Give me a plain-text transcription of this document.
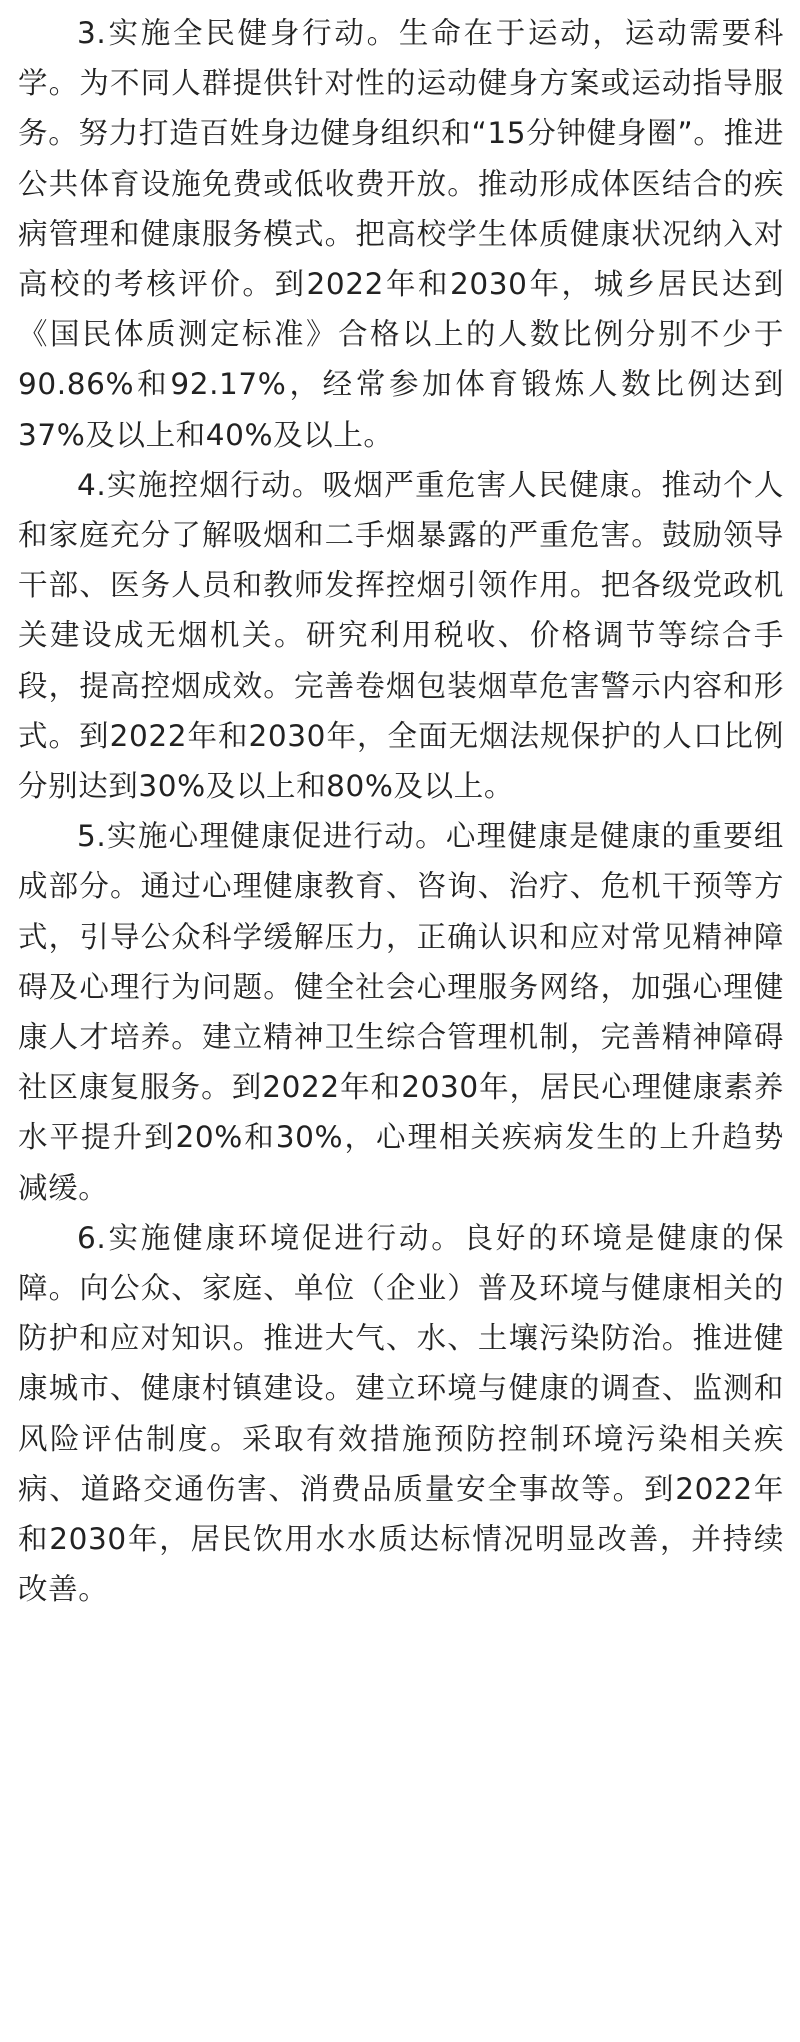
3.实施全民健身行动。生命在于运动，运动需要科学。为不同人群提供针对性的运动健身方案或运动指导服务。努力打造百姓身边健身组织和“15分钟健身圈”。推进公共体育设施免费或低收费开放。推动形成体医结合的疾病管理和健康服务模式。把高校学生体质健康状况纳入对高校的考核评价。到2022年和2030年，城乡居民达到《国民体质测定标准》合格以上的人数比例分别不少于90.86%和92.17%，经常参加体育锻炼人数比例达到37%及以上和40%及以上。

4.实施控烟行动。吸烟严重危害人民健康。推动个人和家庭充分了解吸烟和二手烟暴露的严重危害。鼓励领导干部、医务人员和教师发挥控烟引领作用。把各级党政机关建设成无烟机关。研究利用税收、价格调节等综合手段，提高控烟成效。完善卷烟包装烟草危害警示内容和形式。到2022年和2030年，全面无烟法规保护的人口比例分别达到30%及以上和80%及以上。

5.实施心理健康促进行动。心理健康是健康的重要组成部分。通过心理健康教育、咨询、治疗、危机干预等方式，引导公众科学缓解压力，正确认识和应对常见精神障碍及心理行为问题。健全社会心理服务网络，加强心理健康人才培养。建立精神卫生综合管理机制，完善精神障碍社区康复服务。到2022年和2030年，居民心理健康素养水平提升到20%和30%，心理相关疾病发生的上升趋势减缓。

6.实施健康环境促进行动。良好的环境是健康的保障。向公众、家庭、单位（企业）普及环境与健康相关的防护和应对知识。推进大气、水、土壤污染防治。推进健康城市、健康村镇建设。建立环境与健康的调查、监测和风险评估制度。采取有效措施预防控制环境污染相关疾病、道路交通伤害、消费品质量安全事故等。到2022年和2030年，居民饮用水水质达标情况明显改善，并持续改善。
